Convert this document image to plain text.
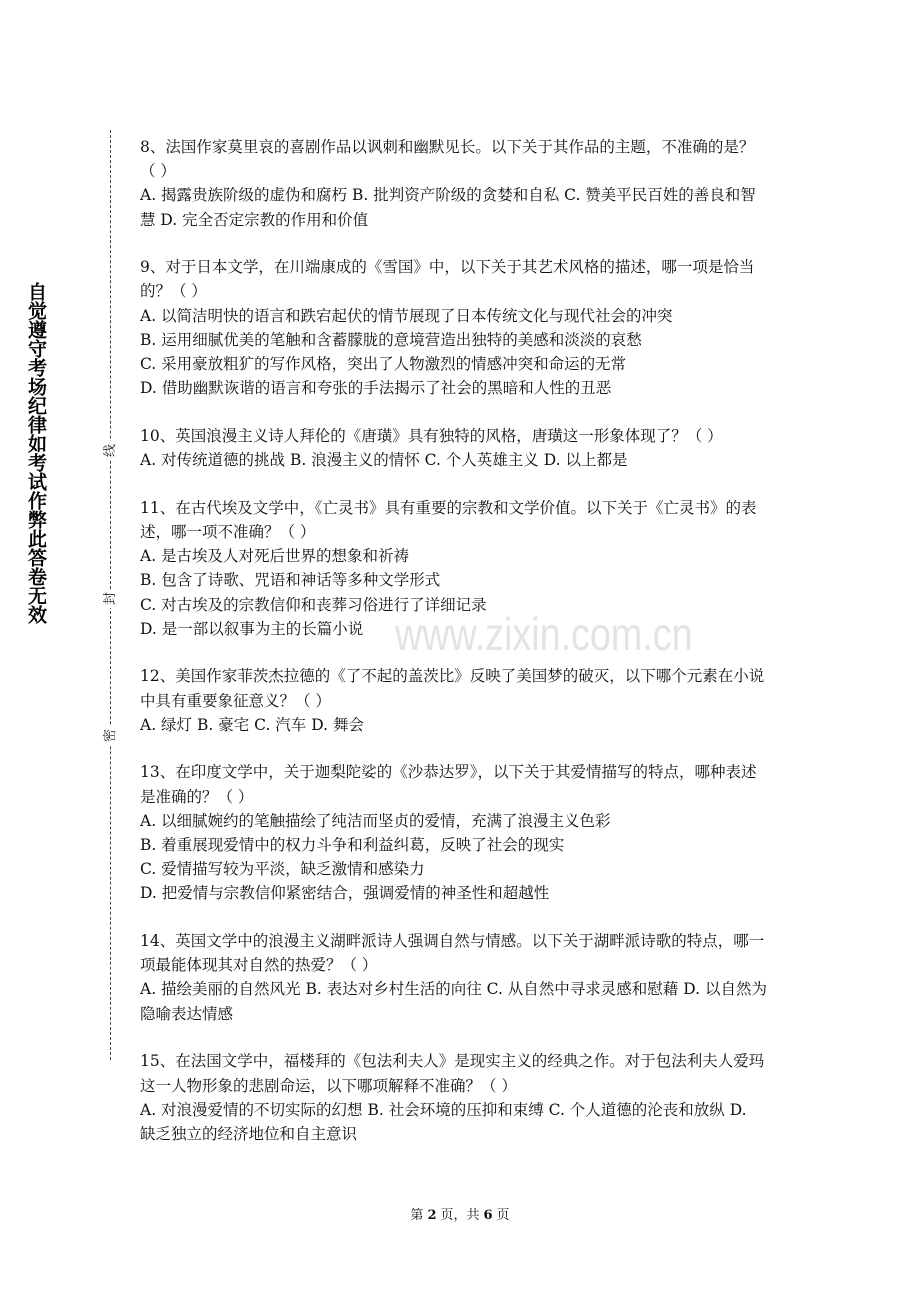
自觉遵守考场纪律如考试作弊此答卷无效	线
封
密
www.zixin.com.cn
8、法国作家莫里哀的喜剧作品以讽刺和幽默见长。以下关于其作品的主题，不准确的是？
（ ）
A. 揭露贵族阶级的虚伪和腐朽 B. 批判资产阶级的贪婪和自私 C. 赞美平民百姓的善良和智
慧 D. 完全否定宗教的作用和价值
9、对于日本文学，在川端康成的《雪国》中，以下关于其艺术风格的描述，哪一项是恰当
的？（ ）
A. 以简洁明快的语言和跌宕起伏的情节展现了日本传统文化与现代社会的冲突
B. 运用细腻优美的笔触和含蓄朦胧的意境营造出独特的美感和淡淡的哀愁
C. 采用豪放粗犷的写作风格，突出了人物激烈的情感冲突和命运的无常
D. 借助幽默诙谐的语言和夸张的手法揭示了社会的黑暗和人性的丑恶
10、英国浪漫主义诗人拜伦的《唐璜》具有独特的风格，唐璜这一形象体现了？（ ）
A. 对传统道德的挑战 B. 浪漫主义的情怀 C. 个人英雄主义 D. 以上都是
11、在古代埃及文学中，《亡灵书》具有重要的宗教和文学价值。以下关于《亡灵书》的表
述，哪一项不准确？（ ）
A. 是古埃及人对死后世界的想象和祈祷
B. 包含了诗歌、咒语和神话等多种文学形式
C. 对古埃及的宗教信仰和丧葬习俗进行了详细记录
D. 是一部以叙事为主的长篇小说
12、美国作家菲茨杰拉德的《了不起的盖茨比》反映了美国梦的破灭，以下哪个元素在小说
中具有重要象征意义？（ ）
A. 绿灯 B. 豪宅 C. 汽车 D. 舞会
13、在印度文学中，关于迦梨陀娑的《沙恭达罗》，以下关于其爱情描写的特点，哪种表述
是准确的？（ ）
A. 以细腻婉约的笔触描绘了纯洁而坚贞的爱情，充满了浪漫主义色彩
B. 着重展现爱情中的权力斗争和利益纠葛，反映了社会的现实
C. 爱情描写较为平淡，缺乏激情和感染力
D. 把爱情与宗教信仰紧密结合，强调爱情的神圣性和超越性
14、英国文学中的浪漫主义湖畔派诗人强调自然与情感。以下关于湖畔派诗歌的特点，哪一
项最能体现其对自然的热爱？（ ）
A. 描绘美丽的自然风光 B. 表达对乡村生活的向往 C. 从自然中寻求灵感和慰藉 D. 以自然为
隐喻表达情感
15、在法国文学中，福楼拜的《包法利夫人》是现实主义的经典之作。对于包法利夫人爱玛
这一人物形象的悲剧命运，以下哪项解释不准确？（ ）
A. 对浪漫爱情的不切实际的幻想 B. 社会环境的压抑和束缚 C. 个人道德的沦丧和放纵 D.
缺乏独立的经济地位和自主意识
第 2 页，共 6 页
